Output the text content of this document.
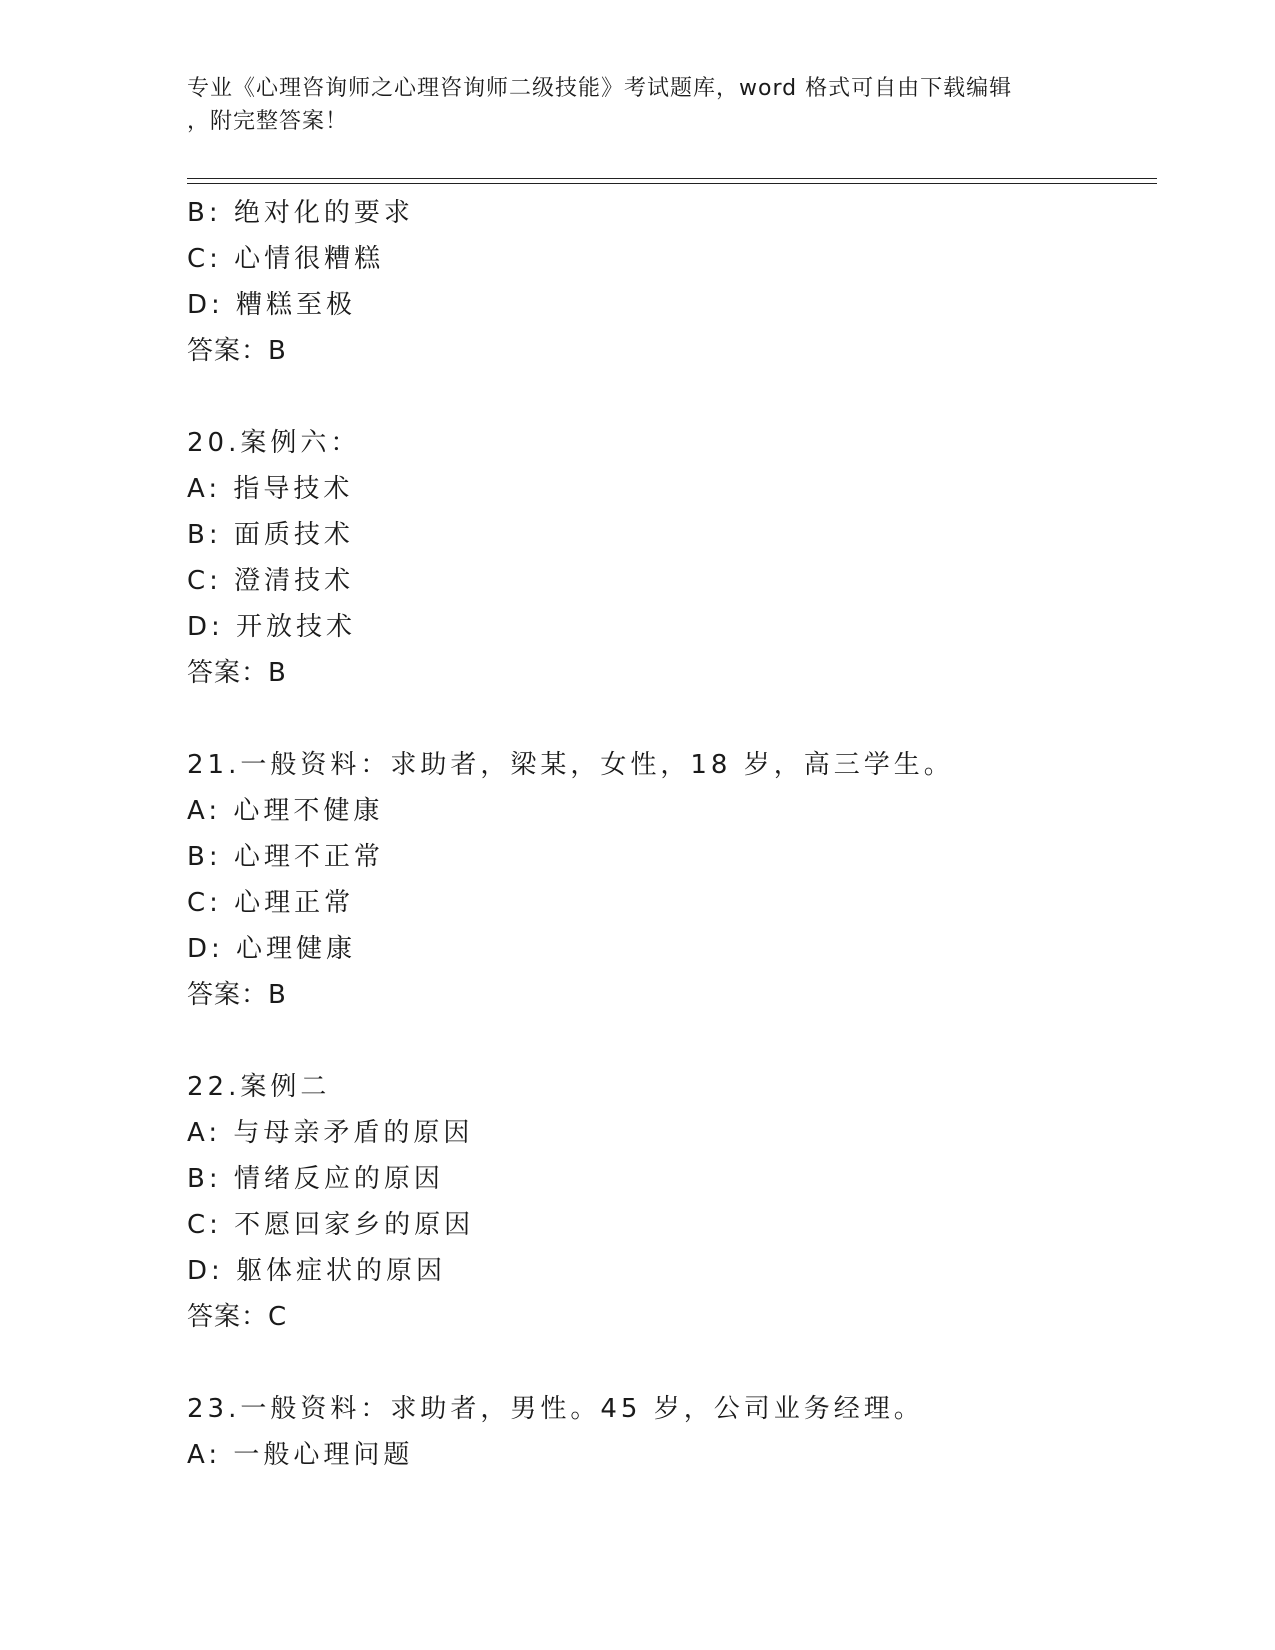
专业《心理咨询师之心理咨询师二级技能》考试题库，word 格式可自由下载编辑
，附完整答案！
B: 绝对化的要求
C: 心情很糟糕
D: 糟糕至极
答案：B
20.案例六：
A: 指导技术
B: 面质技术
C: 澄清技术
D: 开放技术
答案：B
21.一般资料：求助者，梁某，女性，18 岁，高三学生。
A: 心理不健康
B: 心理不正常
C: 心理正常
D: 心理健康
答案：B
22.案例二
A: 与母亲矛盾的原因
B: 情绪反应的原因
C: 不愿回家乡的原因
D: 躯体症状的原因
答案：C
23.一般资料：求助者，男性。45 岁，公司业务经理。
A: 一般心理问题
